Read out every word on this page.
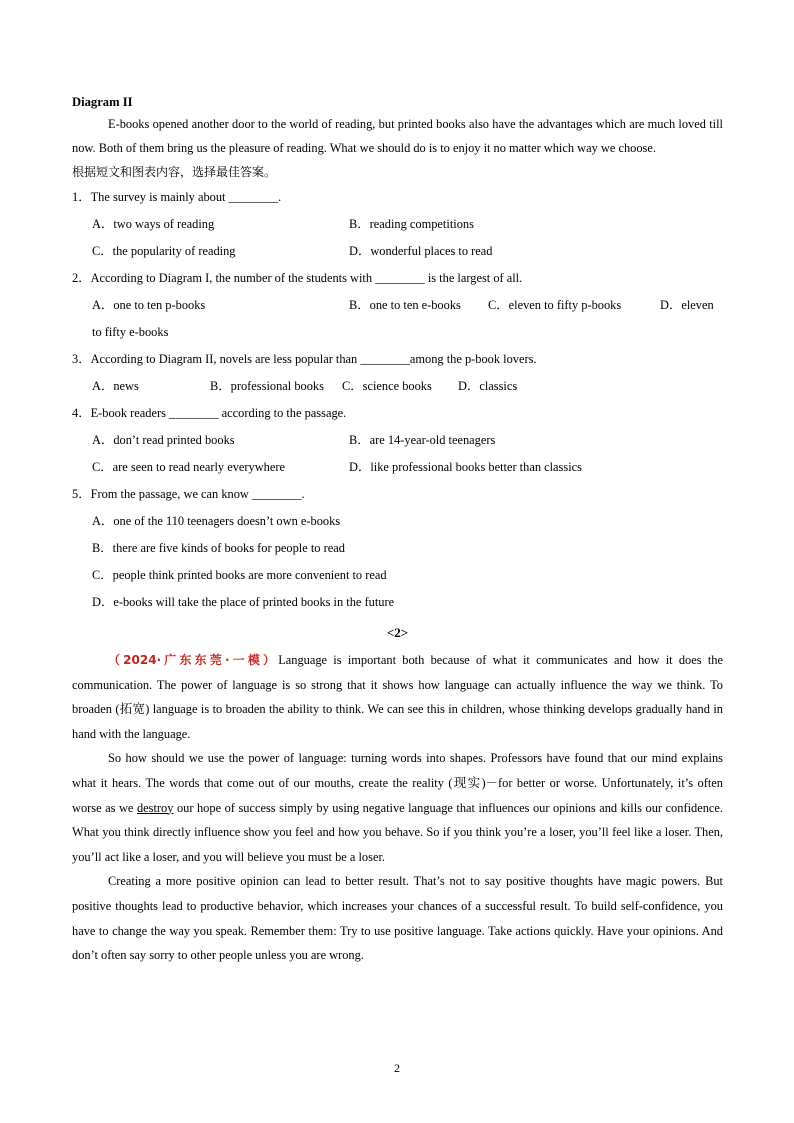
Diagram II

E-books opened another door to the world of reading, but printed books also have the advantages which are much loved till now. Both of them bring us the pleasure of reading. What we should do is to enjoy it no matter which way we choose.

根据短文和图表内容，选择最佳答案。
1．The survey is mainly about ________.
A．two ways of reading	B．reading competitions
C．the popularity of reading	D．wonderful places to read
2．According to Diagram I, the number of the students with ________ is the largest of all.
A．one to ten p-books	B．one to ten e-books C．eleven to fifty p-books	D．eleven
to fifty e-books
3．According to Diagram II, novels are less popular than ________among the p-book lovers.
A．news	B．professional books C．science books D．classics
4．E-book readers ________ according to the passage.
A．don’t read printed books	B．are 14-year-old teenagers
C．are seen to read nearly everywhere	D．like professional books better than classics
5．From the passage, we can know ________.
A．one of the 110 teenagers doesn’t own e-books
B．there are five kinds of books for people to read
C．people think printed books are more convenient to read
D．e-books will take the place of printed books in the future
<2>

（2024·广东东莞·一模）Language is important both because of what it communicates and how it does the communication. The power of language is so strong that it shows how language can actually influence the way we think. To broaden (拓宽) language is to broaden the ability to think. We can see this in children, whose thinking develops gradually hand in hand with the language.

So how should we use the power of language: turning words into shapes. Professors have found that our mind explains what it hears. The words that come out of our mouths, create the reality (现实)－for better or worse. Unfortunately, it’s often worse as we destroy our hope of success simply by using negative language that influences our opinions and kills our confidence. What you think directly influence show you feel and how you behave. So if you think you’re a loser, you’ll feel like a loser. Then, you’ll act like a loser, and you will believe you must be a loser.

Creating a more positive opinion can lead to better result. That’s not to say positive thoughts have magic powers. But positive thoughts lead to productive behavior, which increases your chances of a successful result. To build self-confidence, you have to change the way you speak. Remember them: Try to use positive language. Take actions quickly. Have your opinions. And don’t often say sorry to other people unless you are wrong.

2
